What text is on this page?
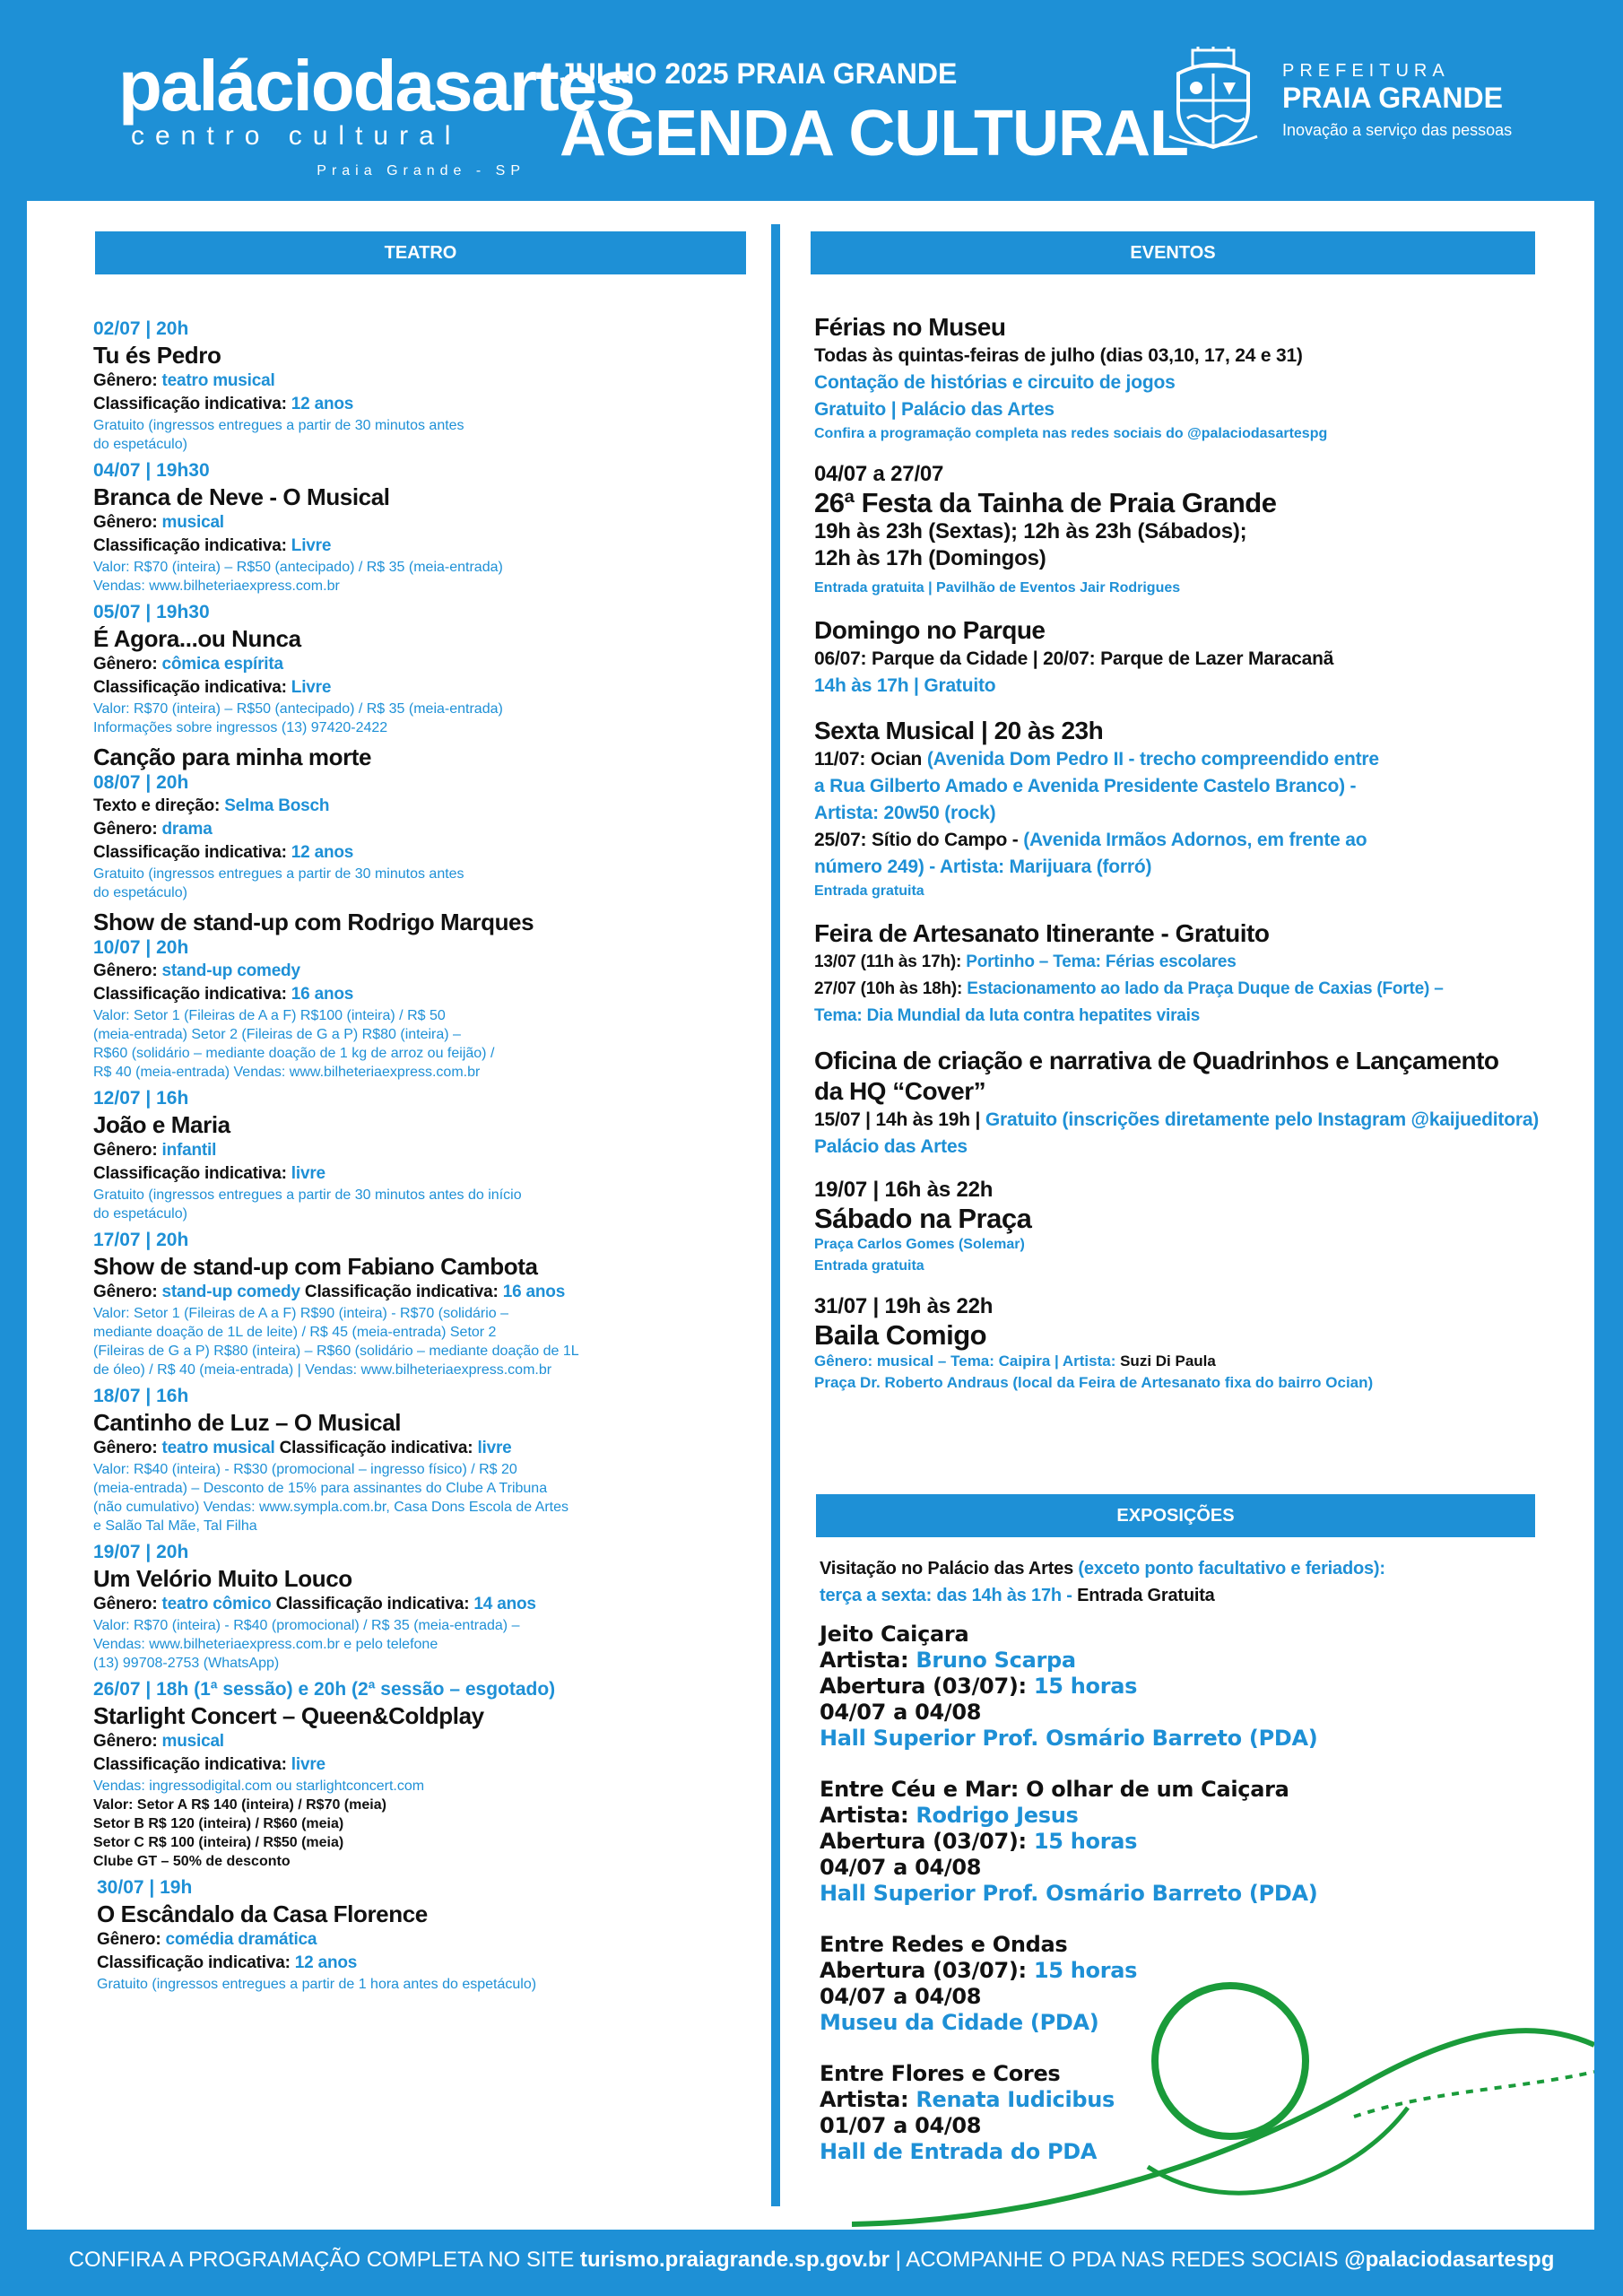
paláciodasartes
centro cultural
Praia Grande - SP
JULHO 2025 PRAIA GRANDE
AGENDA CULTURAL
PREFEITURA
PRAIA GRANDE
Inovação a serviço das pessoas
TEATRO	EVENTOS
EXPOSIÇÕES
02/07 | 20h
Tu és Pedro
Gênero: teatro musical
Classificação indicativa: 12 anos
Gratuito (ingressos entregues a partir de 30 minutos antes
do espetáculo)
04/07 | 19h30
Branca de Neve - O Musical
Gênero: musical
Classificação indicativa: Livre
Valor: R$70 (inteira) – R$50 (antecipado) / R$ 35 (meia-entrada)
Vendas: www.bilheteriaexpress.com.br
05/07 | 19h30
É Agora...ou Nunca
Gênero: cômica espírita
Classificação indicativa: Livre
Valor: R$70 (inteira) – R$50 (antecipado) / R$ 35 (meia-entrada)
Informações sobre ingressos (13) 97420-2422
Canção para minha morte
08/07 | 20h
Texto e direção: Selma Bosch
Gênero: drama
Classificação indicativa: 12 anos
Gratuito (ingressos entregues a partir de 30 minutos antes
do espetáculo)
Show de stand-up com Rodrigo Marques
10/07 | 20h
Gênero: stand-up comedy
Classificação indicativa: 16 anos
Valor: Setor 1 (Fileiras de A a F) R$100 (inteira) / R$ 50
(meia-entrada) Setor 2 (Fileiras de G a P) R$80 (inteira) –
R$60 (solidário – mediante doação de 1 kg de arroz ou feijão) /
R$ 40 (meia-entrada) Vendas: www.bilheteriaexpress.com.br
12/07 | 16h
João e Maria
Gênero: infantil
Classificação indicativa: livre
Gratuito (ingressos entregues a partir de 30 minutos antes do início
do espetáculo)
17/07 | 20h
Show de stand-up com Fabiano Cambota
Gênero: stand-up comedy Classificação indicativa: 16 anos
Valor: Setor 1 (Fileiras de A a F) R$90 (inteira) - R$70 (solidário –
mediante doação de 1L de leite) / R$ 45 (meia-entrada) Setor 2
(Fileiras de G a P) R$80 (inteira) – R$60 (solidário – mediante doação de 1L
de óleo) / R$ 40 (meia-entrada) | Vendas: www.bilheteriaexpress.com.br
18/07 | 16h
Cantinho de Luz – O Musical
Gênero: teatro musical Classificação indicativa: livre
Valor: R$40 (inteira) - R$30 (promocional – ingresso físico) / R$ 20
(meia-entrada) – Desconto de 15% para assinantes do Clube A Tribuna
(não cumulativo) Vendas: www.sympla.com.br, Casa Dons Escola de Artes
e Salão Tal Mãe, Tal Filha
19/07 | 20h
Um Velório Muito Louco
Gênero: teatro cômico Classificação indicativa: 14 anos
Valor: R$70 (inteira) - R$40 (promocional) / R$ 35 (meia-entrada) –
Vendas: www.bilheteriaexpress.com.br e pelo telefone
(13) 99708-2753 (WhatsApp)
26/07 | 18h (1ª sessão) e 20h (2ª sessão – esgotado)
Starlight Concert – Queen&Coldplay
Gênero: musical
Classificação indicativa: livre
Vendas: ingressodigital.com ou starlightconcert.com
Valor: Setor A R$ 140 (inteira) / R$70 (meia)
Setor B R$ 120 (inteira) / R$60 (meia)
Setor C R$ 100 (inteira) / R$50 (meia)
Clube GT – 50% de desconto
30/07 | 19h
O Escândalo da Casa Florence
Gênero: comédia dramática
Classificação indicativa: 12 anos
Gratuito (ingressos entregues a partir de 1 hora antes do espetáculo)
Férias no Museu
Todas às quintas-feiras de julho (dias 03,10, 17, 24 e 31)
Contação de histórias e circuito de jogos
Gratuito | Palácio das Artes
Confira a programação completa nas redes sociais do @palaciodasartespg
04/07 a 27/07
26ª Festa da Tainha de Praia Grande
19h às 23h (Sextas); 12h às 23h (Sábados);
12h às 17h (Domingos)
Entrada gratuita | Pavilhão de Eventos Jair Rodrigues
Domingo no Parque
06/07: Parque da Cidade | 20/07: Parque de Lazer Maracanã
14h às 17h | Gratuito
Sexta Musical | 20 às 23h
11/07: Ocian (Avenida Dom Pedro II - trecho compreendido entre
a Rua Gilberto Amado e Avenida Presidente Castelo Branco) -
Artista: 20w50 (rock)
25/07: Sítio do Campo - (Avenida Irmãos Adornos, em frente ao
número 249) - Artista: Marijuara (forró)
Entrada gratuita
Feira de Artesanato Itinerante - Gratuito
13/07 (11h às 17h): Portinho – Tema: Férias escolares
27/07 (10h às 18h): Estacionamento ao lado da Praça Duque de Caxias (Forte) –
Tema: Dia Mundial da luta contra hepatites virais
Oficina de criação e narrativa de Quadrinhos e Lançamento
da HQ “Cover”
15/07 | 14h às 19h | Gratuito (inscrições diretamente pelo Instagram @kaijueditora)
Palácio das Artes
19/07 | 16h às 22h
Sábado na Praça
Praça Carlos Gomes (Solemar)
Entrada gratuita
31/07 | 19h às 22h
Baila Comigo
Gênero: musical – Tema: Caipira | Artista: Suzi Di Paula
Praça Dr. Roberto Andraus (local da Feira de Artesanato fixa do bairro Ocian)
Visitação no Palácio das Artes (exceto ponto facultativo e feriados):
terça a sexta: das 14h às 17h - Entrada Gratuita
Jeito Caiçara
Artista: Bruno Scarpa
Abertura (03/07): 15 horas
04/07 a 04/08
Hall Superior Prof. Osmário Barreto (PDA)
Entre Céu e Mar: O olhar de um Caiçara
Artista: Rodrigo Jesus
Abertura (03/07): 15 horas
04/07 a 04/08
Hall Superior Prof. Osmário Barreto (PDA)
Entre Redes e Ondas
Abertura (03/07): 15 horas
04/07 a 04/08
Museu da Cidade (PDA)
Entre Flores e Cores
Artista: Renata Iudicibus
01/07 a 04/08
Hall de Entrada do PDA
CONFIRA A PROGRAMAÇÃO COMPLETA NO SITE turismo.praiagrande.sp.gov.br | ACOMPANHE O PDA NAS REDES SOCIAIS @palaciodasartespg
